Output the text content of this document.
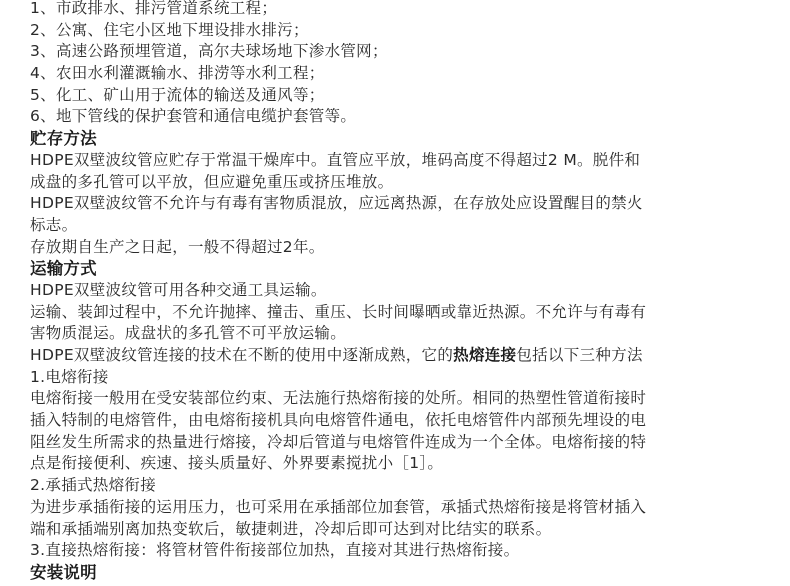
1、市政排水、排污管道系统工程；
2、公寓、住宅小区地下埋设排水排污；
3、高速公路预埋管道，高尔夫球场地下渗水管网；
4、农田水利灌溉输水、排涝等水利工程；
5、化工、矿山用于流体的输送及通风等；
6、地下管线的保护套管和通信电缆护套管等。
贮存方法
HDPE双壁波纹管应贮存于常温干燥库中。直管应平放，堆码高度不得超过2 M。脱件和
成盘的多孔管可以平放，但应避免重压或挤压堆放。
HDPE双壁波纹管不允许与有毒有害物质混放，应远离热源，在存放处应设置醒目的禁火
标志。
存放期自生产之日起，一般不得超过2年。
运输方式
HDPE双壁波纹管可用各种交通工具运输。
运输、装卸过程中，不允许抛摔、撞击、重压、长时间曝晒或靠近热源。不允许与有毒有
害物质混运。成盘状的多孔管不可平放运输。
HDPE双壁波纹管连接的技术在不断的使用中逐渐成熟，它的热熔连接包括以下三种方法
1.电熔衔接
电熔衔接一般用在受安装部位约束、无法施行热熔衔接的处所。相同的热塑性管道衔接时
插入特制的电熔管件，由电熔衔接机具向电熔管件通电，依托电熔管件内部预先埋设的电
阻丝发生所需求的热量进行熔接，冷却后管道与电熔管件连成为一个全体。电熔衔接的特
点是衔接便利、疾速、接头质量好、外界要素搅扰小［1］。
2.承插式热熔衔接
为进步承插衔接的运用压力，也可采用在承插部位加套管，承插式热熔衔接是将管材插入
端和承插端别离加热变软后，敏捷刺进，冷却后即可达到对比结实的联系。
3.直接热熔衔接：将管材管件衔接部位加热，直接对其进行热熔衔接。
安装说明
